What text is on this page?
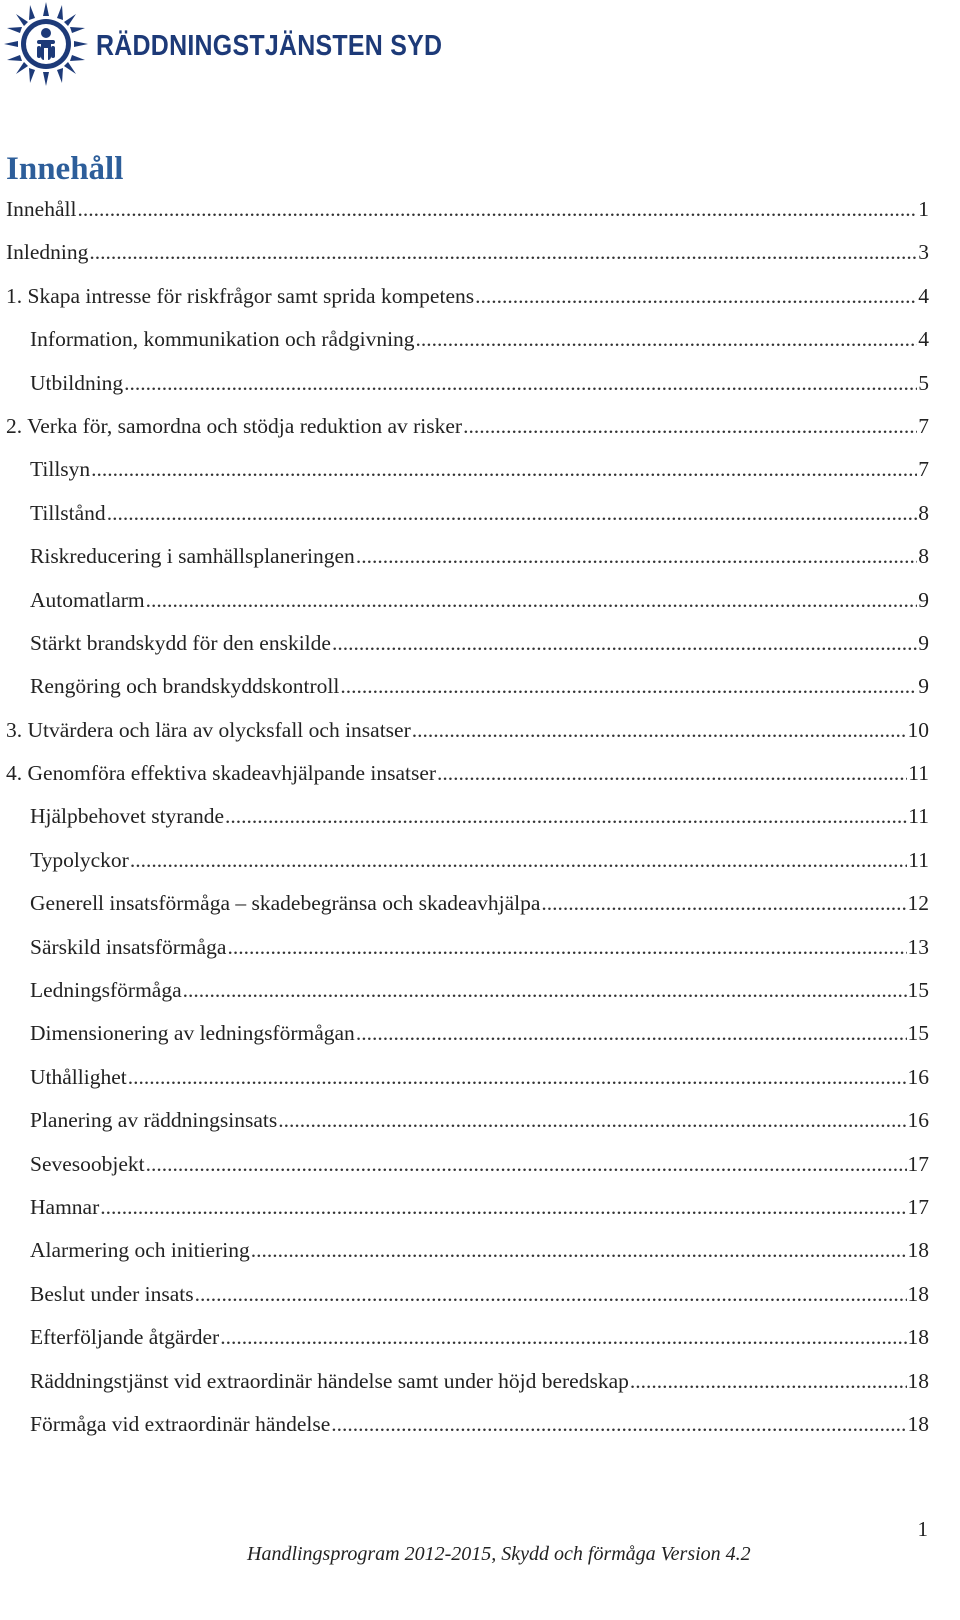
RÄDDNINGSTJÄNSTEN SYD
Innehåll
Innehåll .....	1
Inledning .....	3
1. Skapa intresse för riskfrågor samt sprida kompetens .....	4
Information, kommunikation och rådgivning .....	4
Utbildning .....	5
2. Verka för, samordna och stödja reduktion av risker .....	7
Tillsyn .....	7
Tillstånd .....	8
Riskreducering i samhällsplaneringen .....	8
Automatlarm .....	9
Stärkt brandskydd för den enskilde .....	9
Rengöring och brandskyddskontroll .....	9
3. Utvärdera och lära av olycksfall och insatser .....	10
4. Genomföra effektiva skadeavhjälpande insatser .....	11
Hjälpbehovet styrande .....	11
Typolyckor .....	11
Generell insatsförmåga – skadebegränsa och skadeavhjälpa .....	12
Särskild insatsförmåga .....	13
Ledningsförmåga .....	15
Dimensionering av ledningsförmågan .....	15
Uthållighet .....	16
Planering av räddningsinsats .....	16
Sevesoobjekt .....	17
Hamnar .....	17
Alarmering och initiering .....	18
Beslut under insats .....	18
Efterföljande åtgärder .....	18
Räddningstjänst vid extraordinär händelse samt under höjd beredskap .....	18
Förmåga vid extraordinär händelse .....	18
1
Handlingsprogram 2012-2015, Skydd och förmåga Version 4.2
